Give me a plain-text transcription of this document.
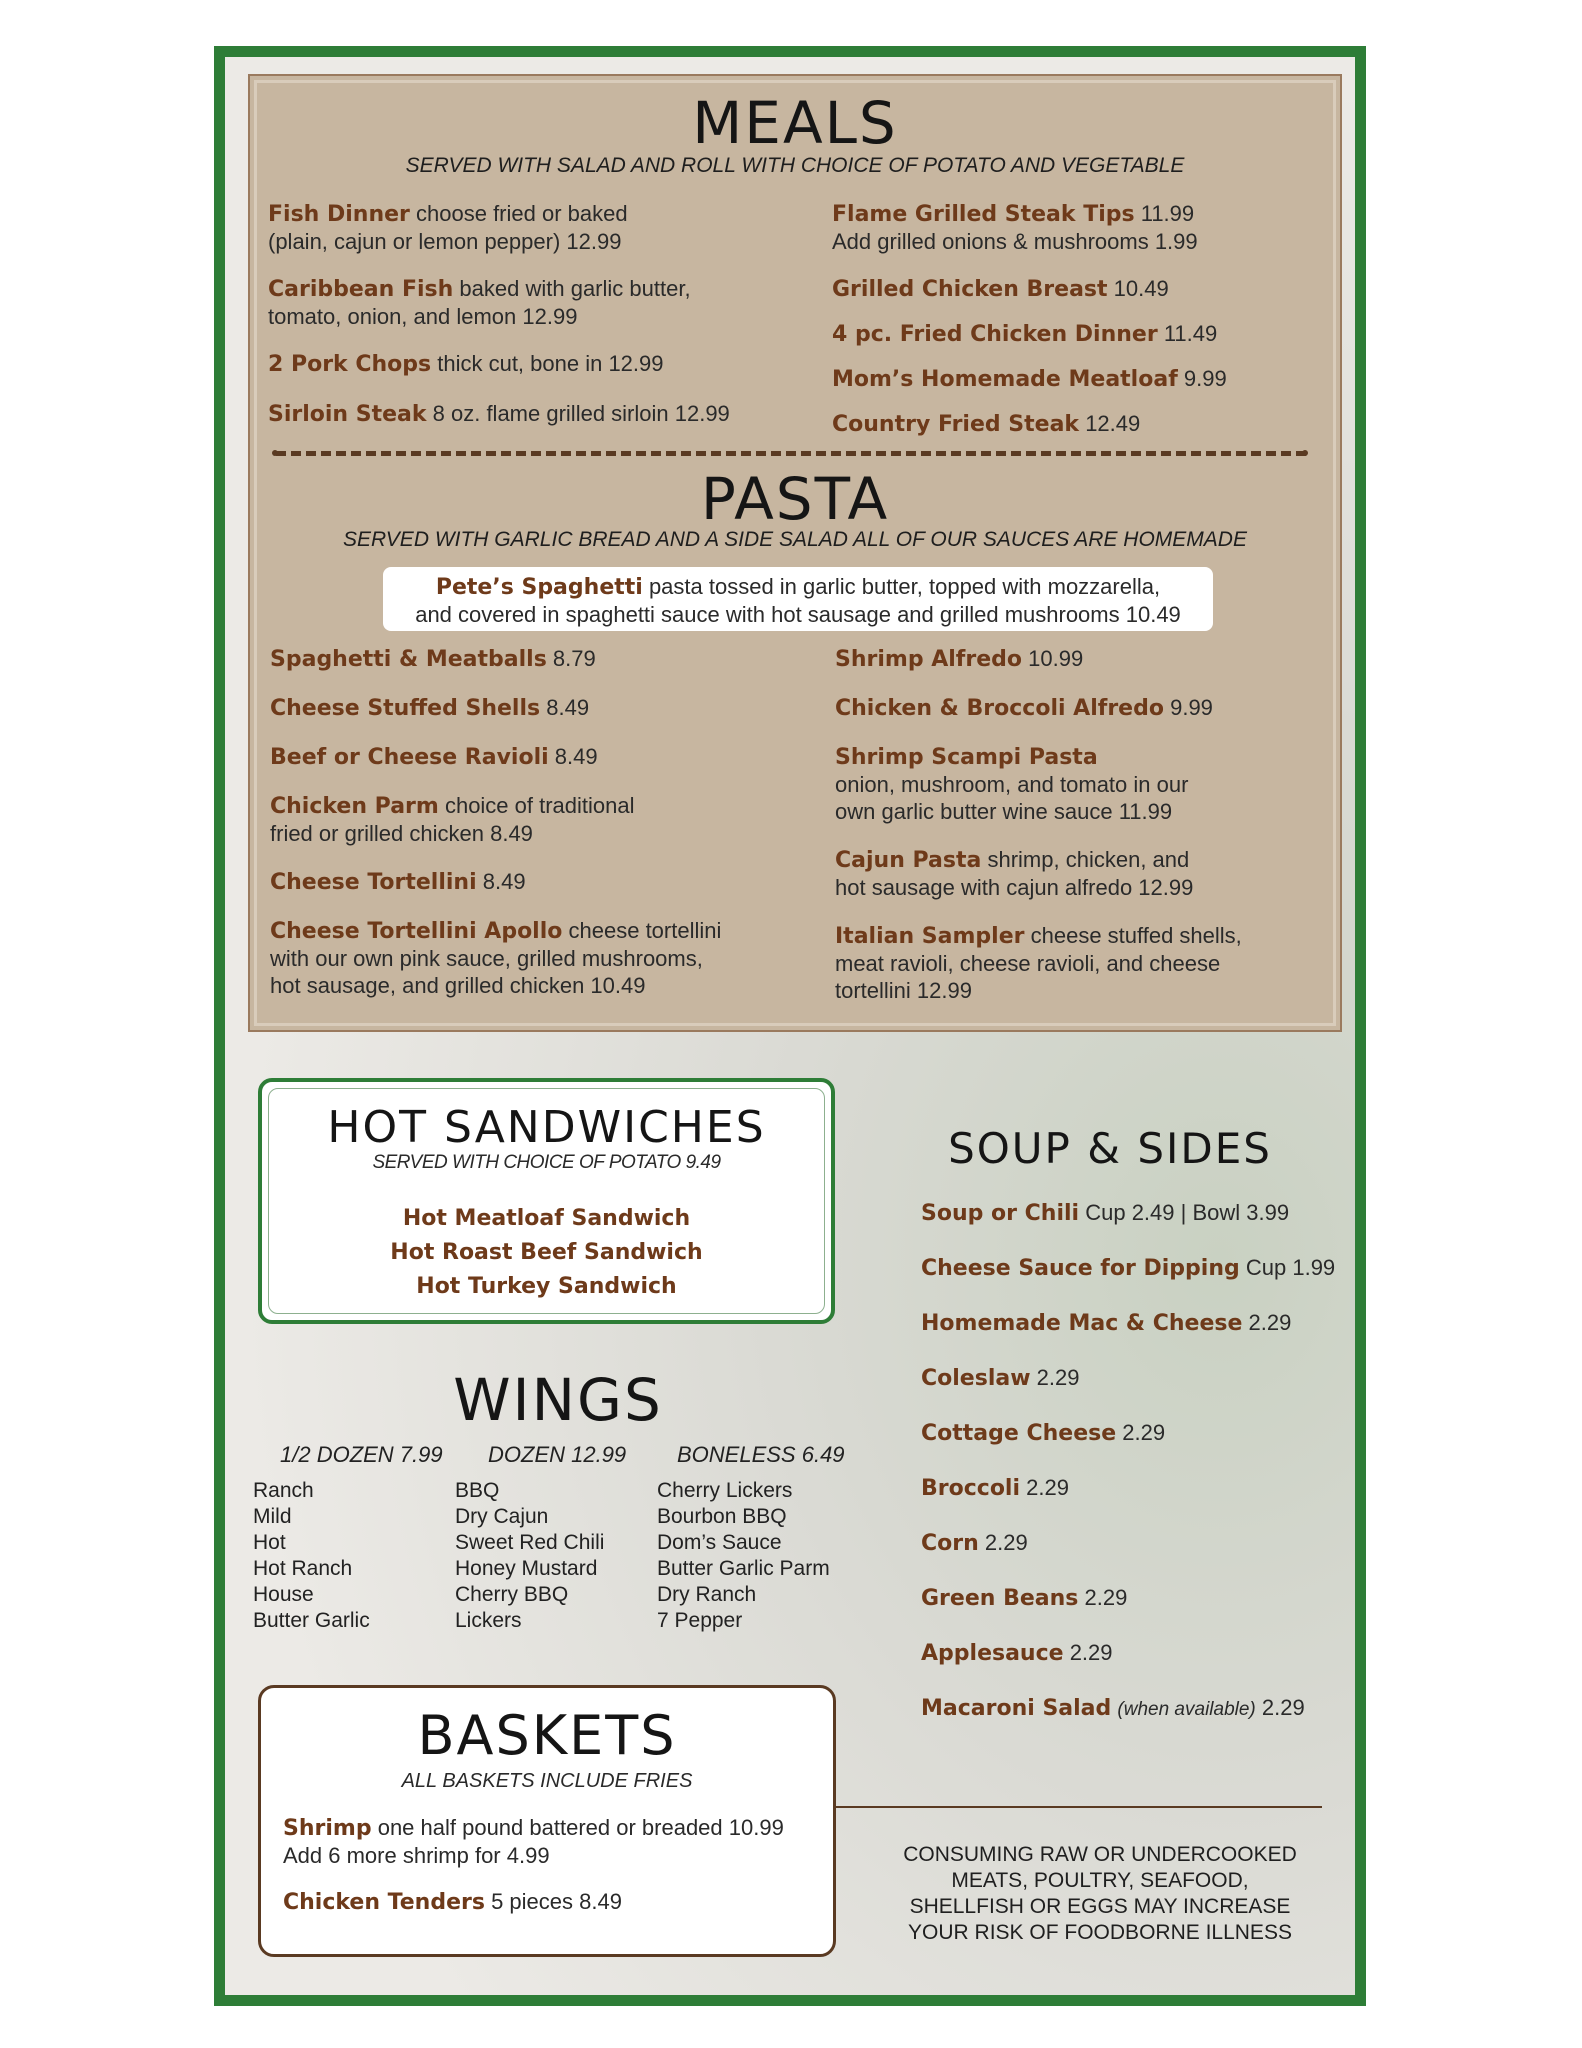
MEALS
SERVED WITH SALAD AND ROLL WITH CHOICE OF POTATO AND VEGETABLE
Fish Dinner choose fried or baked
(plain, cajun or lemon pepper) 12.99
Caribbean Fish baked with garlic butter,
tomato, onion, and lemon 12.99
2 Pork Chops thick cut, bone in 12.99
Sirloin Steak 8 oz. flame grilled sirloin 12.99
Flame Grilled Steak Tips 11.99
Add grilled onions & mushrooms 1.99
Grilled Chicken Breast 10.49
4 pc. Fried Chicken Dinner 11.49
Mom’s Homemade Meatloaf 9.99
Country Fried Steak 12.49
PASTA
SERVED WITH GARLIC BREAD AND A SIDE SALAD ALL OF OUR SAUCES ARE HOMEMADE
Pete’s Spaghetti pasta tossed in garlic butter, topped with mozzarella,
and covered in spaghetti sauce with hot sausage and grilled mushrooms 10.49
Spaghetti & Meatballs 8.79
Cheese Stuffed Shells 8.49
Beef or Cheese Ravioli 8.49
Chicken Parm choice of traditional
fried or grilled chicken 8.49
Cheese Tortellini 8.49
Cheese Tortellini Apollo cheese tortellini
with our own pink sauce, grilled mushrooms,
hot sausage, and grilled chicken 10.49
Shrimp Alfredo 10.99
Chicken & Broccoli Alfredo 9.99
Shrimp Scampi Pasta
onion, mushroom, and tomato in our
own garlic butter wine sauce 11.99
Cajun Pasta shrimp, chicken, and
hot sausage with cajun alfredo 12.99
Italian Sampler cheese stuffed shells,
meat ravioli, cheese ravioli, and cheese
tortellini 12.99
HOT SANDWICHES
SERVED WITH CHOICE OF POTATO 9.49
Hot Meatloaf Sandwich
Hot Roast Beef Sandwich
Hot Turkey Sandwich
WINGS
1/2 DOZEN 7.99 DOZEN 12.99 BONELESS 6.49
Ranch
Mild
Hot
Hot Ranch
House
Butter Garlic
BBQ
Dry Cajun
Sweet Red Chili
Honey Mustard
Cherry BBQ
Lickers
Cherry Lickers
Bourbon BBQ
Dom’s Sauce
Butter Garlic Parm
Dry Ranch
7 Pepper
BASKETS
ALL BASKETS INCLUDE FRIES
Shrimp one half pound battered or breaded 10.99
Add 6 more shrimp for 4.99
Chicken Tenders 5 pieces 8.49
SOUP & SIDES
Soup or Chili Cup 2.49 | Bowl 3.99
Cheese Sauce for Dipping Cup 1.99
Homemade Mac & Cheese 2.29
Coleslaw 2.29
Cottage Cheese 2.29
Broccoli 2.29
Corn 2.29
Green Beans 2.29
Applesauce 2.29
Macaroni Salad (when available) 2.29
CONSUMING RAW OR UNDERCOOKED
MEATS, POULTRY, SEAFOOD,
SHELLFISH OR EGGS MAY INCREASE
YOUR RISK OF FOODBORNE ILLNESS
